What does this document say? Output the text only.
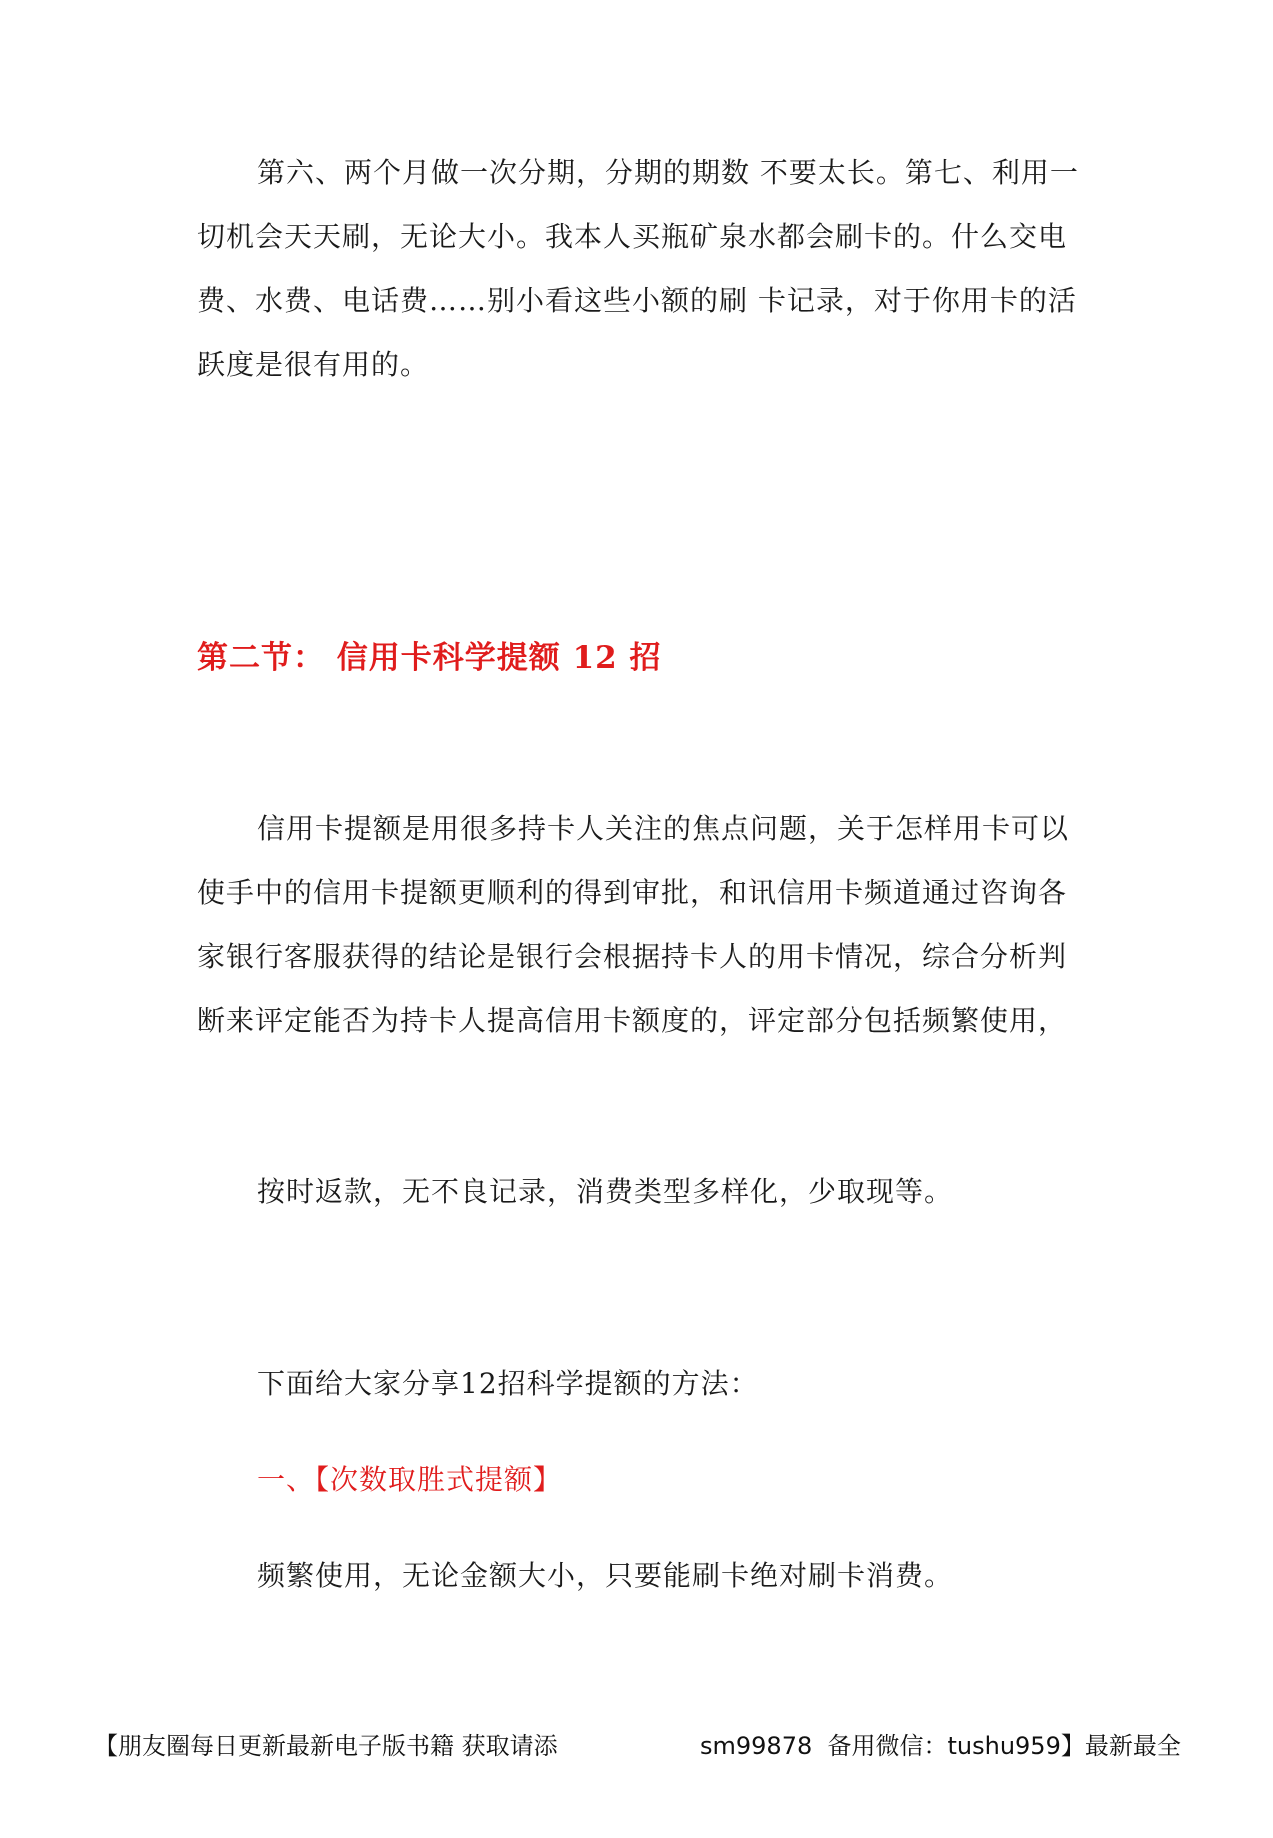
第六、两个月做一次分期，分期的期数 不要太长。第七、利用一切机会天天刷，无论大小。我本人买瓶矿泉水都会刷卡的。什么交电费、水费、电话费……别小看这些小额的刷 卡记录，对于你用卡的活跃度是很有用的。

第二节： 信用卡科学提额 12 招

信用卡提额是用很多持卡人关注的焦点问题，关于怎样用卡可以 使手中的信用卡提额更顺利的得到审批，和讯信用卡频道通过咨询各 家银行客服获得的结论是银行会根据持卡人的用卡情况，综合分析判 断来评定能否为持卡人提高信用卡额度的，评定部分包括频繁使用，

按时返款，无不良记录，消费类型多样化，少取现等。

下面给大家分享12招科学提额的方法：

一、【次数取胜式提额】

频繁使用，无论金额大小，只要能刷卡绝对刷卡消费。

【朋友圈每日更新最新电子版书籍 获取请添

	sm99878  备用微信：tushu959】最新最全
